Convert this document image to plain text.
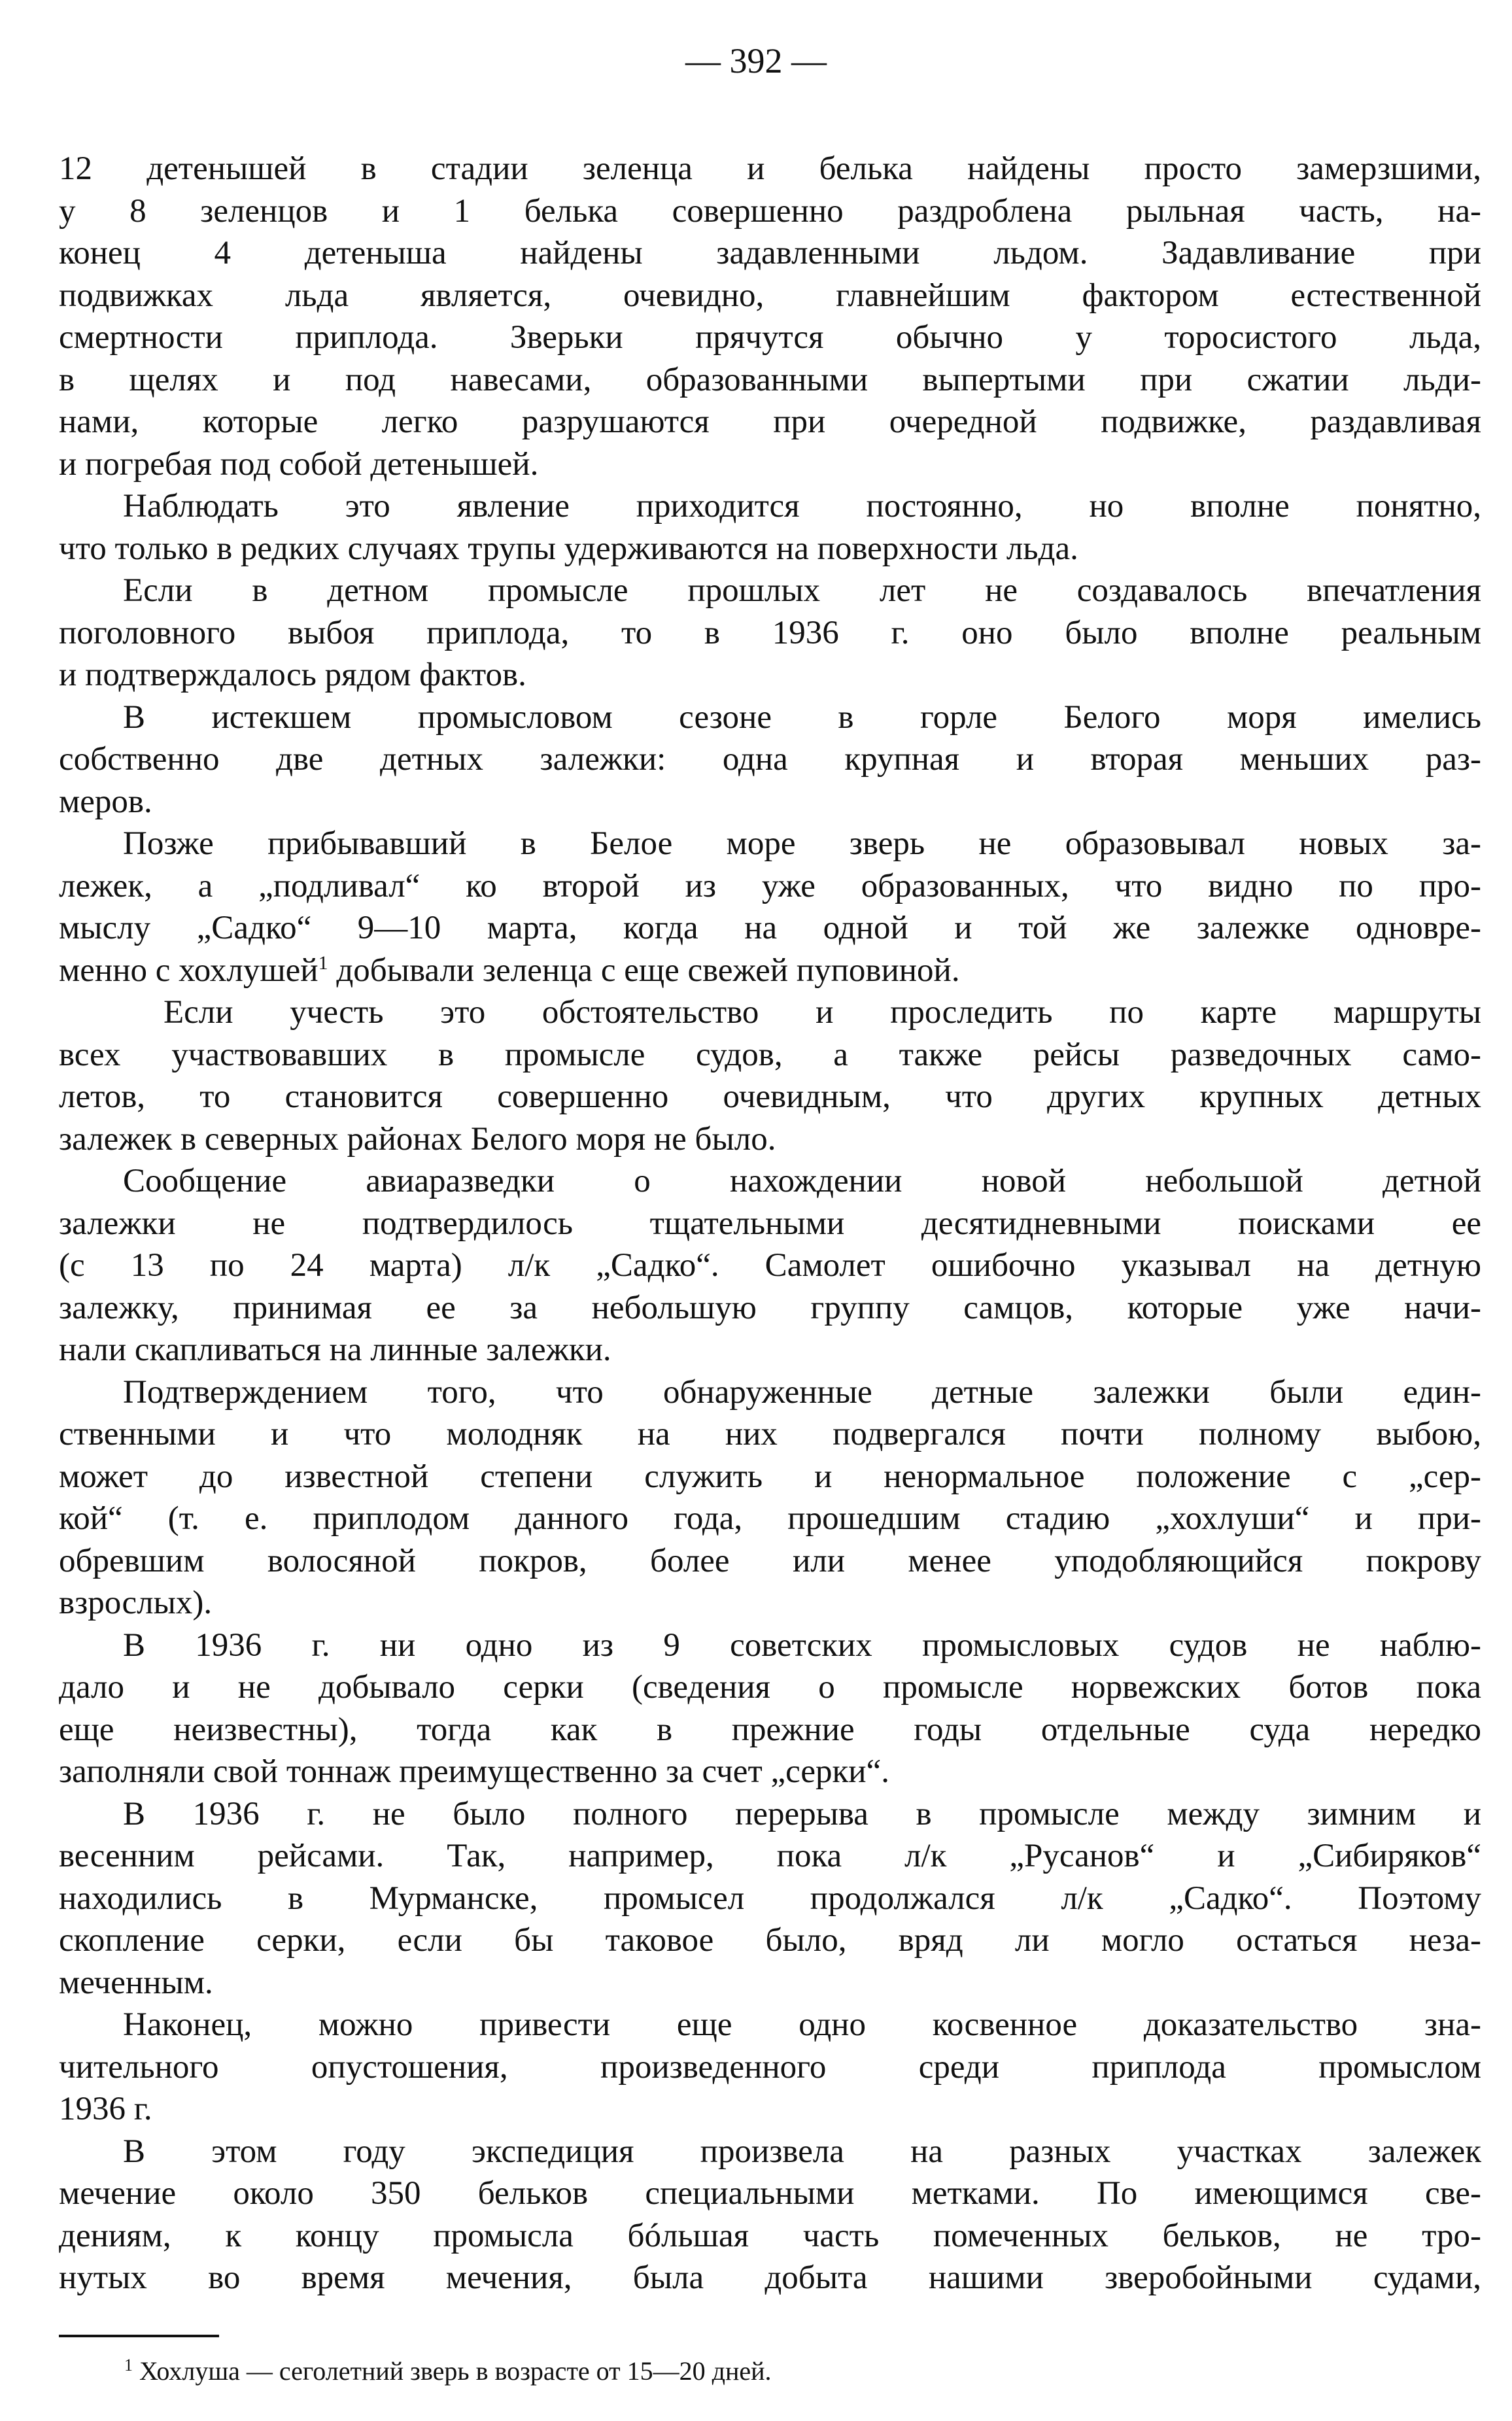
— 392 —
12 детенышей в стадии зеленца и белька найдены просто замерзшими,
у 8 зеленцов и 1 белька совершенно раздроблена рыльная часть, на-
конец 4 детеныша найдены задавленными льдом. Задавливание при
подвижках льда является, очевидно, главнейшим фактором естественной
смертности приплода. Зверьки прячутся обычно у торосистого льда,
в щелях и под навесами, образованными выпертыми при сжатии льди-
нами, которые легко разрушаются при очередной подвижке, раздавливая
и погребая под собой детенышей.
Наблюдать это явление приходится постоянно, но вполне понятно,
что только в редких случаях трупы удерживаются на поверхности льда.
Если в детном промысле прошлых лет не создавалось впечатления
поголовного выбоя приплода, то в 1936 г. оно было вполне реальным
и подтверждалось рядом фактов.
В истекшем промысловом сезоне в горле Белого моря имелись
собственно две детных залежки: одна крупная и вторая меньших раз-
меров.
Позже прибывавший в Белое море зверь не образовывал новых за-
лежек, а „подливал“ ко второй из уже образованных, что видно по про-
мыслу „Садко“ 9—10 марта, когда на одной и той же залежке одновре-
менно с хохлушей$^1$ добывали зеленца с еще свежей пуповиной.
Если учесть это обстоятельство и проследить по карте маршруты
всех участвовавших в промысле судов, а также рейсы разведочных само-
летов, то становится совершенно очевидным, что других крупных детных
залежек в северных районах Белого моря не было.
Сообщение авиаразведки о нахождении новой небольшой детной
залежки не подтвердилось тщательными десятидневными поисками ее
(с 13 по 24 марта) л/к „Садко“. Самолет ошибочно указывал на детную
залежку, принимая ее за небольшую группу самцов, которые уже начи-
нали скапливаться на линные залежки.
Подтверждением того, что обнаруженные детные залежки были един-
ственными и что молодняк на них подвергался почти полному выбою,
может до известной степени служить и ненормальное положение с „сер-
кой“ (т. е. приплодом данного года, прошедшим стадию „хохлуши“ и при-
обревшим волосяной покров, более или менее уподобляющийся покрову
взрослых).
В 1936 г. ни одно из 9 советских промысловых судов не наблю-
дало и не добывало серки (сведения о промысле норвежских ботов пока
еще неизвестны), тогда как в прежние годы отдельные суда нередко
заполняли свой тоннаж преимущественно за счет „серки“.
В 1936 г. не было полного перерыва в промысле между зимним и
весенним рейсами. Так, например, пока л/к „Русанов“ и „Сибиряков“
находились в Мурманске, промысел продолжался л/к „Садко“. Поэтому
скопление серки, если бы таковое было, вряд ли могло остаться неза-
меченным.
Наконец, можно привести еще одно косвенное доказательство зна-
чительного опустошения, произведенного среди приплода промыслом
1936 г.
В этом году экспедиция произвела на разных участках залежек
мечение около 350 бельков специальными метками. По имеющимся све-
дениям, к концу промысла бóльшая часть помеченных бельков, не тро-
нутых во время мечения, была добыта нашими зверобойными судами,
$^1$ Хохлуша — сеголетний зверь в возрасте от 15—20 дней.
